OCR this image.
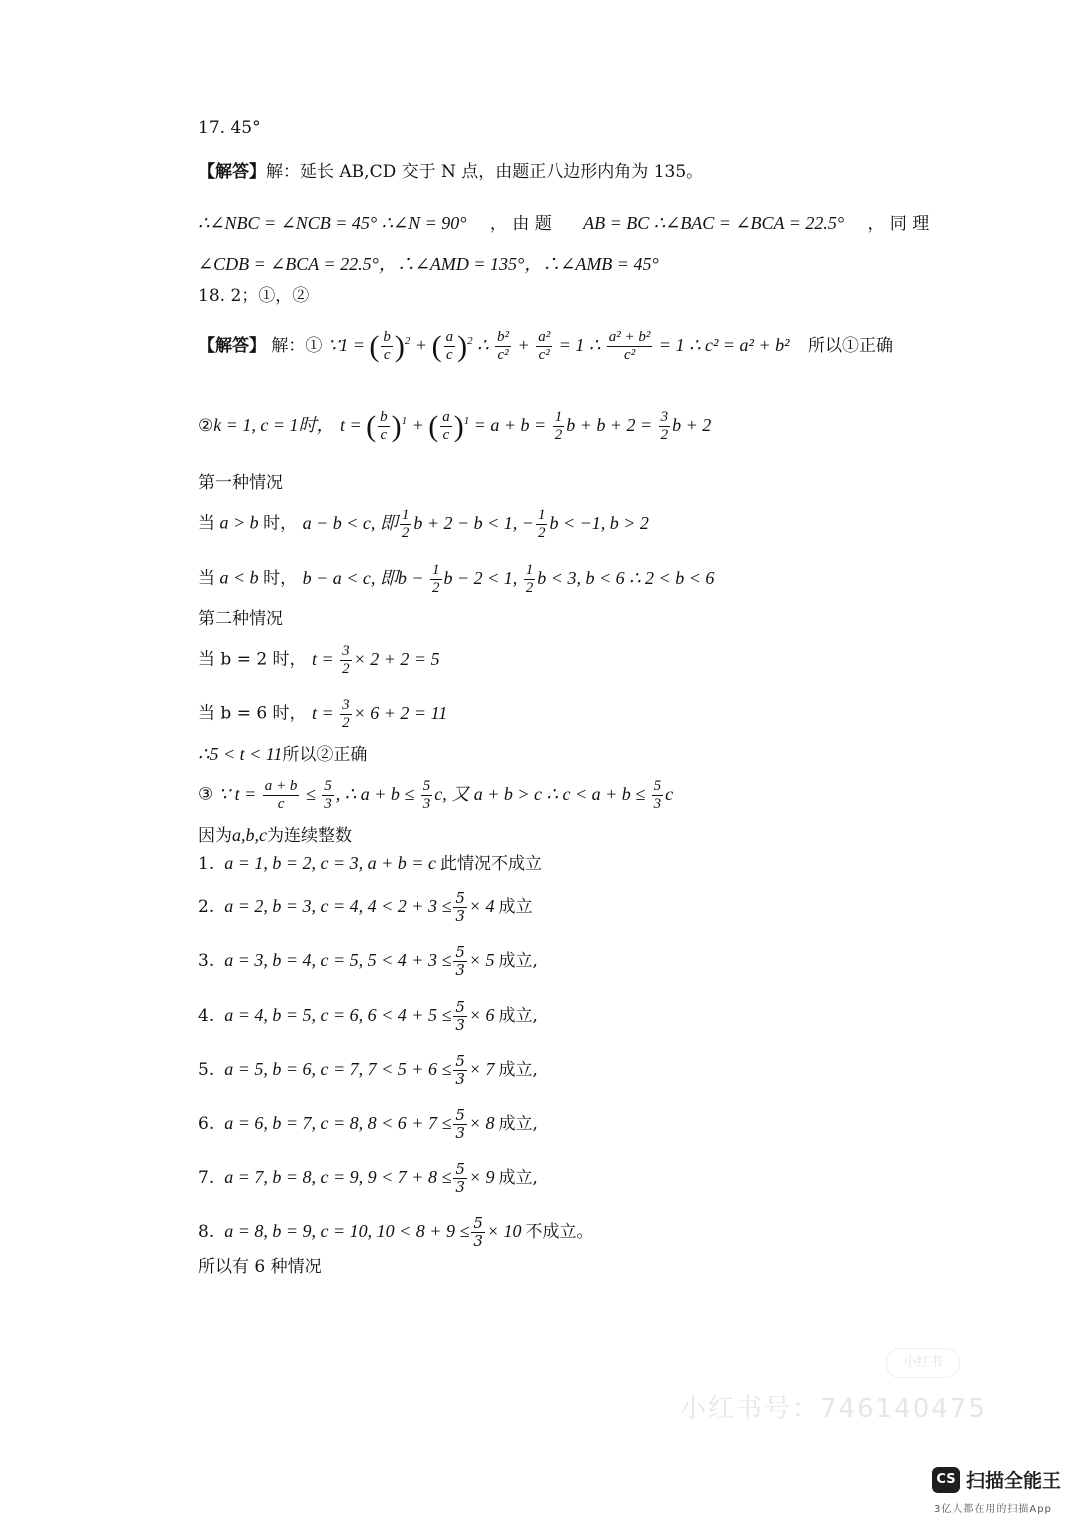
17. 45°
【解答】解：延长 AB,CD 交于 N 点，由题正八边形内角为 135。
∴∠NBC = ∠NCB = 45° ∴∠N = 90° ， 由 题 AB = BC ∴∠BAC = ∠BCA = 22.5° ， 同 理
∠CDB = ∠BCA = 22.5°，∴∠AMD = 135°，∴∠AMB = 45°
18. 2；①，②
【解答】 解：① ∵1 = ( $\frac{b}{c} )^2$ + ( $\frac{a}{c} )^2$ ∴ $\frac{\text{b²}}{\text{c²}} + \frac{\text{a²}}{\text{c²}} = 1$ ∴ $\frac{\text{a² + b²}}{\text{c²}} = 1$ ∴ c² = a² + b² 所以①正确
②k = 1, c = 1时， t = ( $\frac{b}{c} )^1$ + ( $\frac{a}{c} )^1 = a + b = \frac{1}{2}$ $b + b + 2 = \frac{3}{2}$ b + 2
第一种情况
当 a > b 时， a − b < c, 即 $\frac{1}{2}$ b + 2 − b < 1, − $\frac{1}{2}$ b < −1, b > 2
当 a < b 时， b − a < c, 即$b - \frac{1}{2}$ b − 2 < 1, $\frac{1}{2}$ b < 3, b < 6 ∴ 2 < b < 6
第二种情况
当 b = 2 时， $t = \frac{3}{2} \times 2 + 2 = 5$
当 b = 6 时， $t = \frac{3}{2} \times 6 + 2 = 11$
∴5 < t < 11所以②正确
③ ∵ $t = \frac{a + b}{c} \le \frac{5}{3}$ , ∴ $a + b \le \frac{5}{3} c$, 又 a + b > c ∴ $c < a + b \le \frac{5}{3}$ c
因为a,b,c为连续整数
1. a = 1, b = 2, c = 3, a + b = c 此情况不成立
2. a = 2, b = 3, c = 4, $4 < 2 + 3 \le \frac{5}{3} \times 4$ 成立
3. a = 3, b = 4, c = 5, $5 < 4 + 3 \le \frac{5}{3} \times 5$ 成立,
4. a = 4, b = 5, c = 6, $6 < 4 + 5 \le \frac{5}{3} \times 6$ 成立,
5. a = 5, b = 6, c = 7, $7 < 5 + 6 \le \frac{5}{3} \times 7$ 成立,
6. a = 6, b = 7, c = 8, $8 < 6 + 7 \le \frac{5}{3} \times 8$ 成立,
7. a = 7, b = 8, c = 9, $9 < 7 + 8 \le \frac{5}{3} \times 9$ 成立,
8. a = 8, b = 9, c = 10, $10 < 8 + 9 \le \frac{5}{3} \times 10$ 不成立。
所以有 6 种情况
小红书
小红书号：746140475
CS 扫描全能王
3亿人都在用的扫描App
